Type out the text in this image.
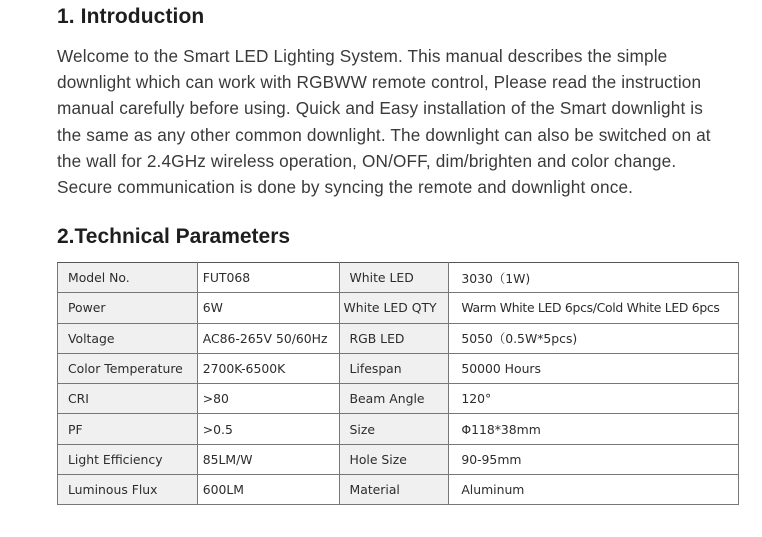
1. Introduction

Welcome to the Smart LED Lighting System. This manual describes the simple
downlight which can work with RGBWW remote control, Please read the instruction
manual carefully before using. Quick and Easy installation of the Smart downlight is
the same as any other common downlight. The downlight can also be switched on at
the wall for 2.4GHz wireless operation, ON/OFF, dim/brighten and color change.
Secure communication is done by syncing the remote and downlight once.

2.Technical Parameters
Model No.	FUT068	White LED	3030（1W)
Power	6W	White LED QTY	Warm White LED 6pcs/Cold White LED 6pcs
Voltage	AC86-265V 50/60Hz	RGB LED	5050（0.5W*5pcs)
Color Temperature	2700K-6500K	Lifespan	50000 Hours
CRI	>80	Beam Angle	120°
PF	>0.5	Size	Φ118*38mm
Light Efficiency	85LM/W	Hole Size	90-95mm
Luminous Flux	600LM	Material	Aluminum
